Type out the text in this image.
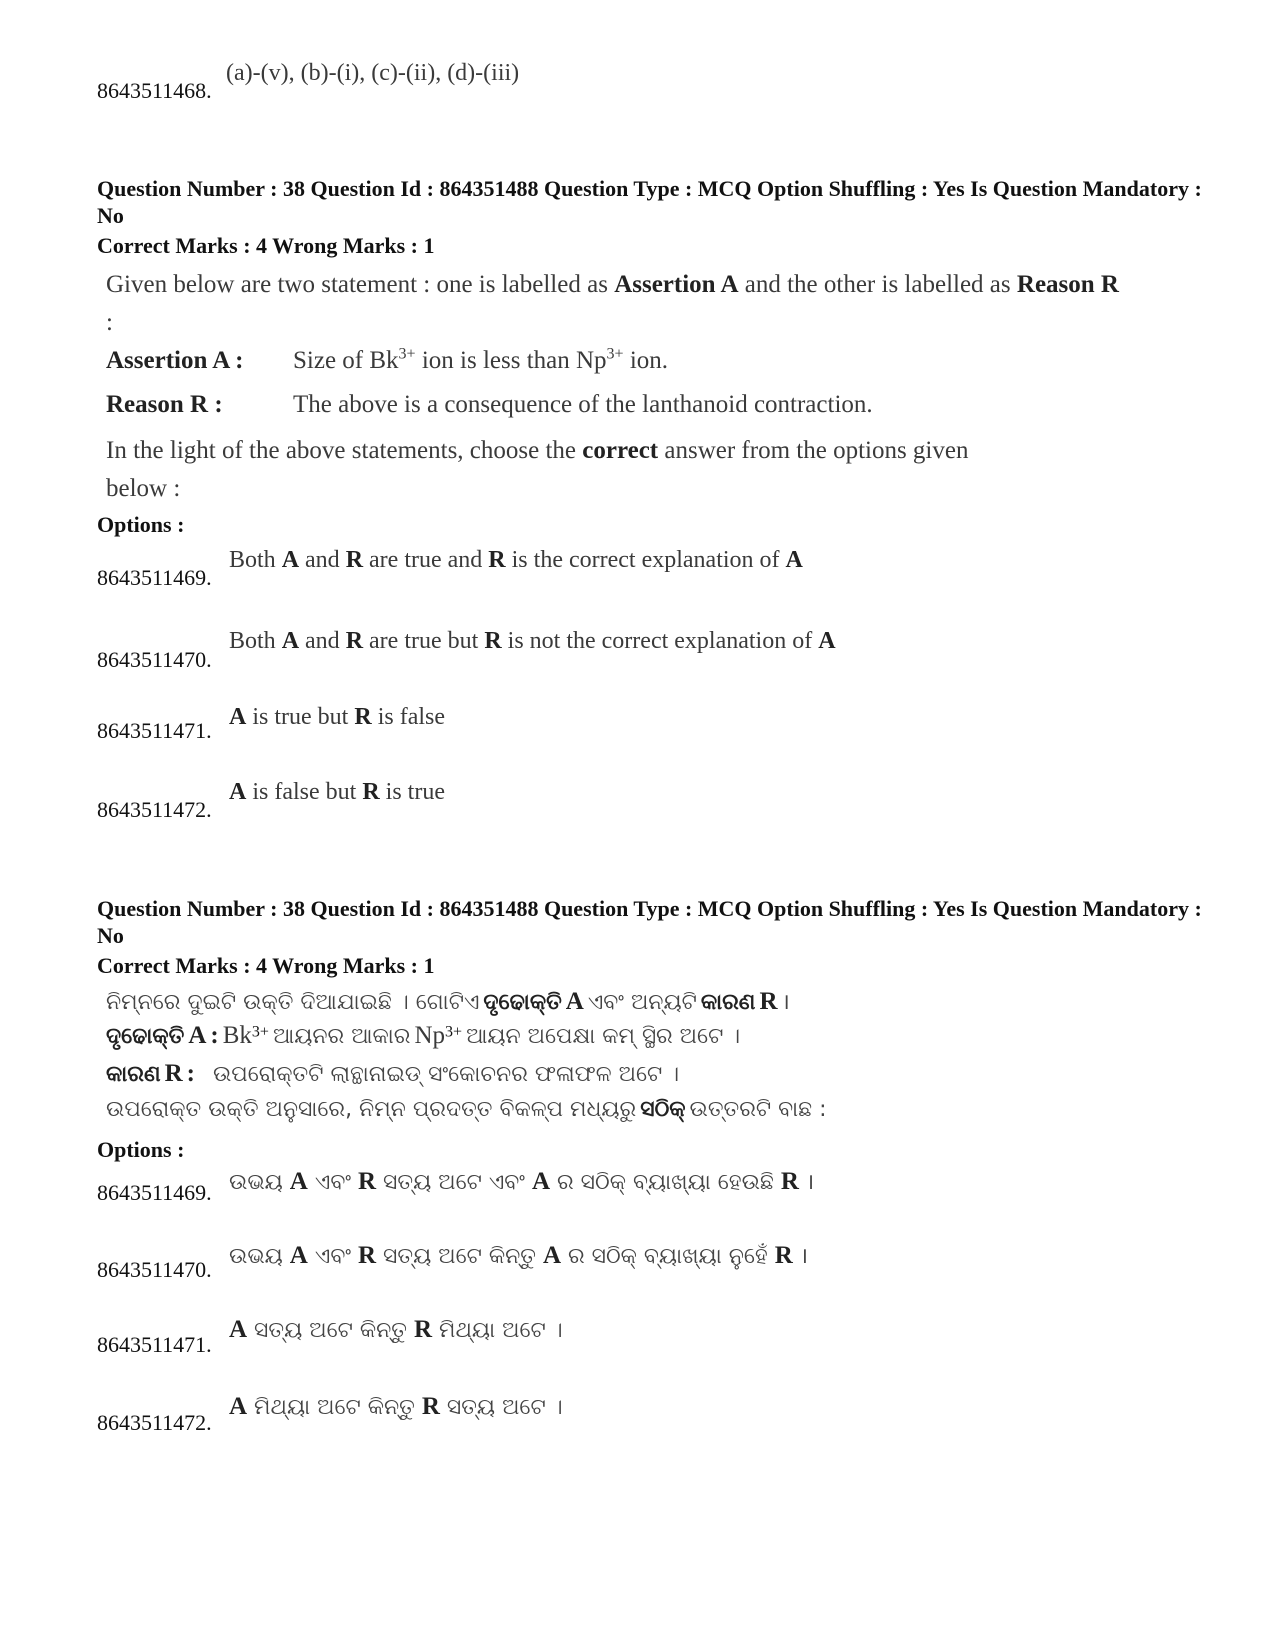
8643511468.
(a)-(v), (b)-(i), (c)-(ii), (d)-(iii)
Question Number : 38 Question Id : 864351488 Question Type : MCQ Option Shuffling : Yes Is Question Mandatory : No
Correct Marks : 4 Wrong Marks : 1
Given below are two statement : one is labelled as Assertion A and the other is labelled as Reason R :
Assertion A : Size of $Bk^{3+}$ ion is less than $Np^{3+}$ ion.
Reason R :	The above is a consequence of the lanthanoid contraction.
In the light of the above statements, choose the correct answer from the options given
below :
Options :
8643511469.
Both A and R are true and R is the correct explanation of A
8643511470.
Both A and R are true but R is not the correct explanation of A
8643511471.
A is true but R is false
8643511472.
A is false but R is true
Question Number : 38 Question Id : 864351488 Question Type : MCQ Option Shuffling : Yes Is Question Mandatory : No
Correct Marks : 4 Wrong Marks : 1
ନିମ୍ନରେ ଦୁଇଟି ଉକ୍ତି ଦିଆଯାଇଛି । ଗୋଟିଏ ଦୃଢୋକ୍ତି A ଏବଂ ଅନ୍ୟଟି କାରଣ R ।
ଦୃଢୋକ୍ତି A : $Bk^{3+}$ ଆୟନର ଆକାର $Np^{3+}$ ଆୟନ ଅପେକ୍ଷା କମ୍ ସ୍ଥିର ଅଟେ ।
କାରଣ R : ଉପରୋକ୍ତଟି ଲାନ୍ଥାନାଇଡ୍ ସଂକୋଚନର ଫଳାଫଳ ଅଟେ ।
ଉପରୋକ୍ତ ଉକ୍ତି ଅନୁସାରେ, ନିମ୍ନ ପ୍ରଦତ୍ତ ବିକଳ୍ପ ମଧ୍ୟରୁ ସଠିକ୍ ଉତ୍ତରଟି ବାଛ :
Options :
8643511469. ଉଭୟ A ଏବଂ R ସତ୍ୟ ଅଟେ ଏବଂ A ର ସଠିକ୍ ବ୍ୟାଖ୍ୟା ହେଉଛି R ।
8643511470.
ଉଭୟ A ଏବଂ R ସତ୍ୟ ଅଟେ କିନ୍ତୁ A ର ସଠିକ୍ ବ୍ୟାଖ୍ୟା ନୁହେଁ R ।
8643511471.
A ସତ୍ୟ ଅଟେ କିନ୍ତୁ R ମିଥ୍ୟା ଅଟେ ।
8643511472.
A ମିଥ୍ୟା ଅଟେ କିନ୍ତୁ R ସତ୍ୟ ଅଟେ ।
